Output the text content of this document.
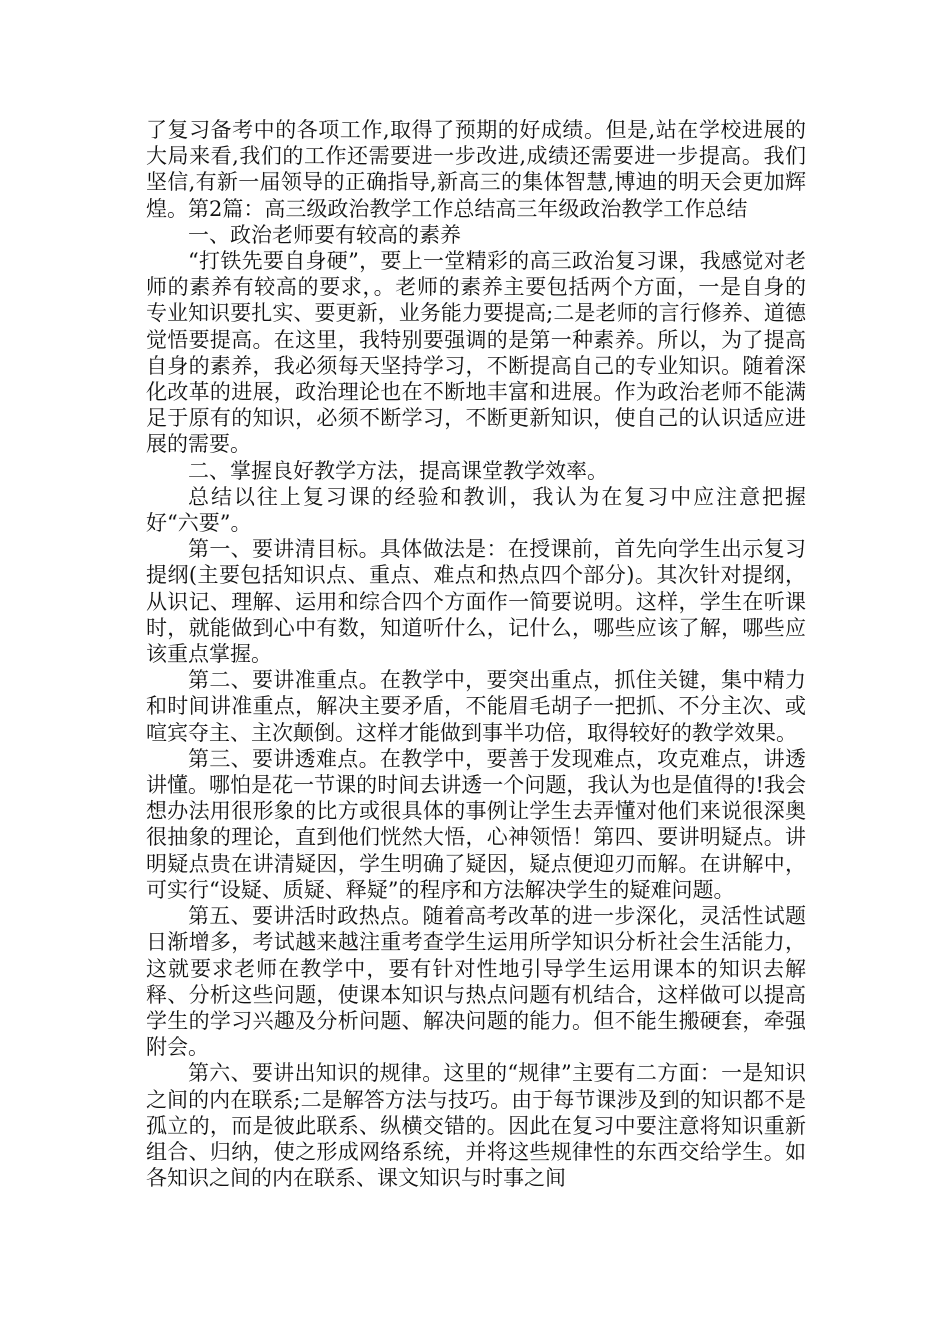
了复习备考中的各项工作,取得了预期的好成绩。但是,站在学校进展的大局来看,我们的工作还需要进一步改进,成绩还需要进一步提高。我们坚信,有新一届领导的正确指导,新高三的集体智慧,博迪的明天会更加辉煌。第2篇：高三级政治教学工作总结高三年级政治教学工作总结

一、政治老师要有较高的素养

“打铁先要自身硬”，要上一堂精彩的高三政治复习课，我感觉对老师的素养有较高的要求，。老师的素养主要包括两个方面，一是自身的专业知识要扎实、要更新，业务能力要提高;二是老师的言行修养、道德觉悟要提高。在这里，我特别要强调的是第一种素养。所以，为了提高自身的素养，我必须每天坚持学习，不断提高自己的专业知识。随着深化改革的进展，政治理论也在不断地丰富和进展。作为政治老师不能满足于原有的知识，必须不断学习，不断更新知识，使自己的认识适应进展的需要。

二、掌握良好教学方法，提高课堂教学效率。

总结以往上复习课的经验和教训，我认为在复习中应注意把握好“六要”。

第一、要讲清目标。具体做法是：在授课前，首先向学生出示复习提纲(主要包括知识点、重点、难点和热点四个部分)。其次针对提纲，从识记、理解、运用和综合四个方面作一简要说明。这样，学生在听课时，就能做到心中有数，知道听什么，记什么，哪些应该了解，哪些应该重点掌握。

第二、要讲准重点。在教学中，要突出重点，抓住关键，集中精力和时间讲准重点，解决主要矛盾，不能眉毛胡子一把抓、不分主次、或喧宾夺主、主次颠倒。这样才能做到事半功倍，取得较好的教学效果。

第三、要讲透难点。在教学中，要善于发现难点，攻克难点，讲透讲懂。哪怕是花一节课的时间去讲透一个问题，我认为也是值得的!我会想办法用很形象的比方或很具体的事例让学生去弄懂对他们来说很深奥很抽象的理论，直到他们恍然大悟，心神领悟！第四、要讲明疑点。讲明疑点贵在讲清疑因，学生明确了疑因，疑点便迎刃而解。在讲解中，可实行“设疑、质疑、释疑”的程序和方法解决学生的疑难问题。

第五、要讲活时政热点。随着高考改革的进一步深化，灵活性试题日渐增多，考试越来越注重考查学生运用所学知识分析社会生活能力，这就要求老师在教学中，要有针对性地引导学生运用课本的知识去解释、分析这些问题，使课本知识与热点问题有机结合，这样做可以提高学生的学习兴趣及分析问题、解决问题的能力。但不能生搬硬套，牵强附会。

第六、要讲出知识的规律。这里的“规律”主要有二方面：一是知识之间的内在联系;二是解答方法与技巧。由于每节课涉及到的知识都不是孤立的，而是彼此联系、纵横交错的。因此在复习中要注意将知识重新组合、归纳，使之形成网络系统，并将这些规律性的东西交给学生。如各知识之间的内在联系、课文知识与时事之间
